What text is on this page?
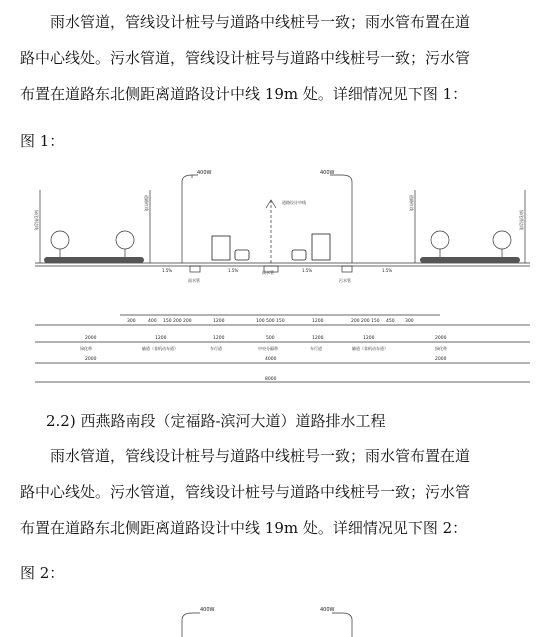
雨水管道，管线设计桩号与道路中线桩号一致；雨水管布置在道
路中心线处。污水管道，管线设计桩号与道路中线桩号一致；污水管
布置在道路东北侧距离道路设计中线 19m 处。详细情况见下图 1：
图 1：
400W	400W
道路设计中线
雨水管
雨水管
污水管
1.5%	1.5%	1.5%	1.5%
绿化带边线
道路红线	道路红线
绿化带边线
300	400 150 200 200	1200	100 500 150	1200	200 200 150 450 300
2000	1200	1200	500	1200	1200	2000
绿化带	辅道（非机动车道）	车行道	中央分隔带	车行道	辅道（非机动车道）	绿化带
2000	4000	2000
8000
2.2) 西燕路南段（定福路-滨河大道）道路排水工程
雨水管道，管线设计桩号与道路中线桩号一致；雨水管布置在道
路中心线处。污水管道，管线设计桩号与道路中线桩号一致；污水管
布置在道路东北侧距离道路设计中线 19m 处。详细情况见下图 2：
图 2：
400W	400W
